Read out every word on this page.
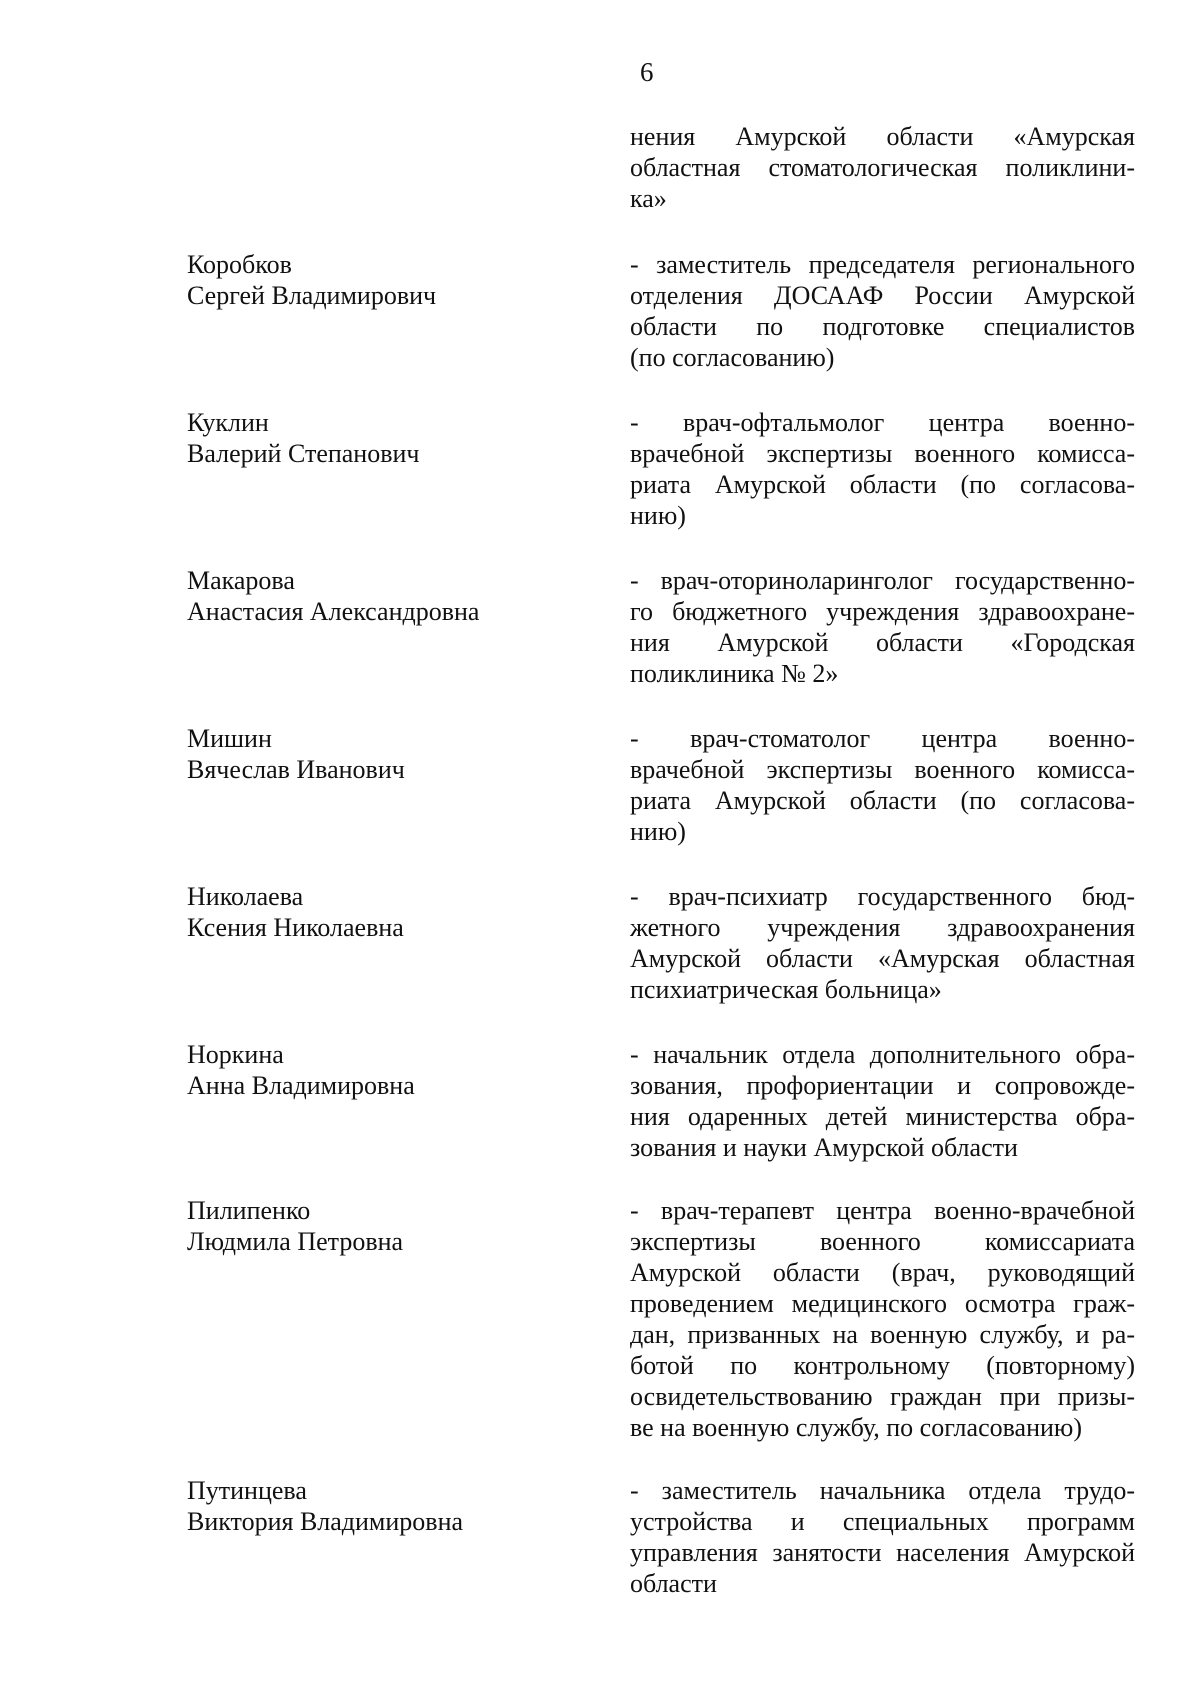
6
нения Амурской области «Амурская
областная стоматологическая поликлини-
ка»
Коробков
Сергей Владимирович
- заместитель председателя регионального
отделения ДОСААФ России Амурской
области по подготовке специалистов
(по согласованию)
Куклин
Валерий Степанович
- врач-офтальмолог центра военно-
врачебной экспертизы военного комисса-
риата Амурской области (по согласова-
нию)
Макарова
Анастасия Александровна
- врач-оториноларинголог государственно-
го бюджетного учреждения здравоохране-
ния Амурской области «Городская
поликлиника № 2»
Мишин
Вячеслав Иванович
- врач-стоматолог центра военно-
врачебной экспертизы военного комисса-
риата Амурской области (по согласова-
нию)
Николаева
Ксения Николаевна
- врач-психиатр государственного бюд-
жетного учреждения здравоохранения
Амурской области «Амурская областная
психиатрическая больница»
Норкина
Анна Владимировна
- начальник отдела дополнительного обра-
зования, профориентации и сопровожде-
ния одаренных детей министерства обра-
зования и науки Амурской области
Пилипенко
Людмила Петровна
- врач-терапевт центра военно-врачебной
экспертизы военного комиссариата
Амурской области (врач, руководящий
проведением медицинского осмотра граж-
дан, призванных на военную службу, и ра-
ботой по контрольному (повторному)
освидетельствованию граждан при призы-
ве на военную службу, по согласованию)
Путинцева
Виктория Владимировна
- заместитель начальника отдела трудо-
устройства и специальных программ
управления занятости населения Амурской
области
